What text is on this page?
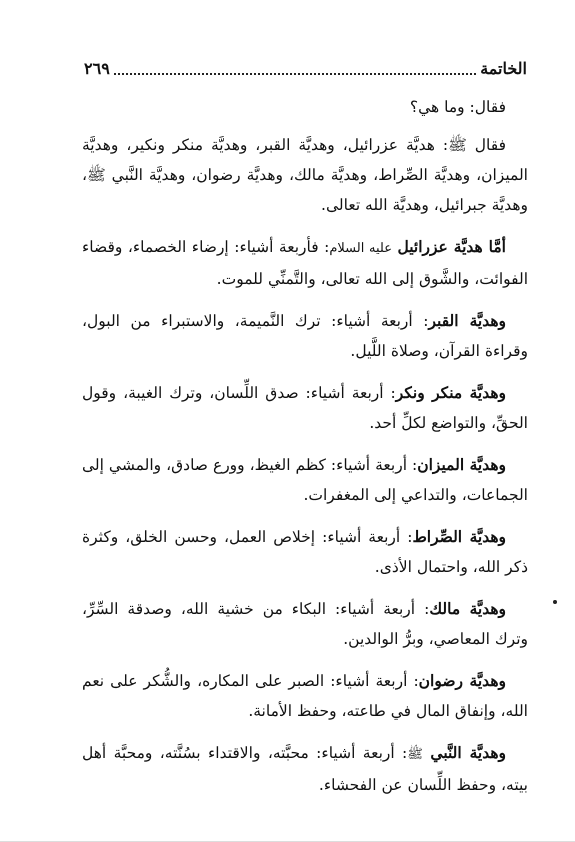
الخاتمة
٢٦٩

فقال: وما هي؟

فقال ﷺ: هديَّة عزرائيل، وهديَّة القبر، وهديَّة منكر ونكير، وهديَّة الميزان، وهديَّة الصِّراط، وهديَّة مالك، وهديَّة رضوان، وهديَّة النَّبي ﷺ، وهديَّة جبرائيل، وهديَّة الله تعالى.

أمَّا هديَّة عزرائيل عليه السلام: فأربعة أشياء: إرضاء الخصماء، وقضاء الفوائت، والشَّوق إلى الله تعالى، والتَّمنِّي للموت.

وهديَّة القبر: أربعة أشياء: ترك النَّميمة، والاستبراء من البول، وقراءة القرآن، وصلاة اللَّيل.

وهديَّة منكر ونكر: أربعة أشياء: صدق اللِّسان، وترك الغيبة، وقول الحقِّ، والتواضع لكلِّ أحد.

وهديَّة الميزان: أربعة أشياء: كظم الغيظ، وورع صادق، والمشي إلى الجماعات، والتداعي إلى المغفرات.

وهديَّة الصِّراط: أربعة أشياء: إخلاص العمل، وحسن الخلق، وكثرة ذكر الله، واحتمال الأذى.

وهديَّة مالك: أربعة أشياء: البكاء من خشية الله، وصدقة السِّرِّ، وترك المعاصي، وبرُّ الوالدين.

وهديَّة رضوان: أربعة أشياء: الصبر على المكاره، والشُّكر على نعم الله، وإنفاق المال في طاعته، وحفظ الأمانة.

وهديَّة النَّبي ﷺ: أربعة أشياء: محبَّته، والاقتداء بسُنَّته، ومحبَّة أهل بيته، وحفظ اللِّسان عن الفحشاء.
